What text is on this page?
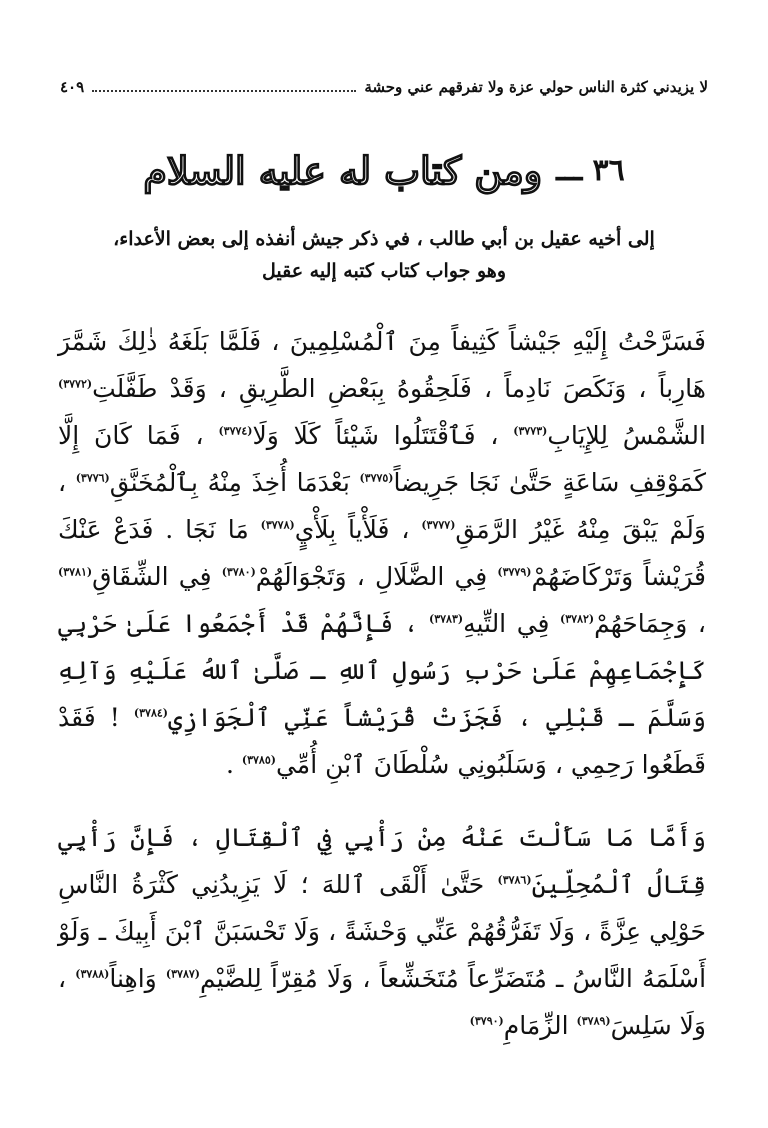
لا يزيدني كثرة الناس حولي عزة ولا تفرقهم عني وحشة
٤٠٩
٣٦
ـــ
ومن كتاب له عليه السلام
إلى أخيه عقيل بن أبي طالب ، في ذكر جيش أنفذه إلى بعض الأعداء،
وهو جواب كتاب كتبه إليه عقيل

فَسَرَّحْتُ إِلَيْهِ جَيْشاً كَثِيفاً مِنَ ٱلْمُسْلِمِينَ ، فَلَمَّا بَلَغَهُ ذٰلِكَ شَمَّرَ هَارِباً ، وَنَكَصَ نَادِماً ، فَلَحِقُوهُ بِبَعْضِ الطَّرِيقِ ، وَقَدْ طَفَّلَتِ$^{(٣٧٧٢)}$ الشَّمْسُ لِلإِيَابِ$^{(٣٧٧٣)}$ ، فَٱقْتَتَلُوا شَيْئاً كَلَا وَلَا$^{(٣٧٧٤)}$ ، فَمَا كَانَ إِلَّا كَمَوْقِفِ سَاعَةٍ حَتَّىٰ نَجَا جَرِيضاً$^{(٣٧٧٥)}$ بَعْدَمَا أُخِذَ مِنْهُ بِٱلْمُخَنَّقِ$^{(٣٧٧٦)}$ ، وَلَمْ يَبْقَ مِنْهُ غَيْرُ الرَّمَقِ$^{(٣٧٧٧)}$ ، فَلَأْياً بِلَأْيٍ$^{(٣٧٧٨)}$ مَا نَجَا . فَدَعْ عَنْكَ قُرَيْشاً وَتَرْكَاضَهُمْ$^{(٣٧٧٩)}$ فِي الضَّلَالِ ، وَتَجْوَالَهُمْ$^{(٣٧٨٠)}$ فِي الشِّقَاقِ$^{(٣٧٨١)}$ ، وَجِمَاحَهُمْ$^{(٣٧٨٢)}$ فِي التِّيهِ$^{(٣٧٨٣)}$ ، فَإِنَّهُمْ قَدْ أَجْمَعُوا عَلَىٰ حَرْبِي كَإِجْمَاعِهِمْ عَلَىٰ حَرْبِ رَسُولِ ٱللهِ ـ صَلَّىٰ ٱللهُ عَلَيْهِ وَآلِهِ وَسَلَّمَ ـ قَبْلِي ، فَجَزَتْ قُرَيْشاً عَنِّي ٱلْجَوَازِي$^{(٣٧٨٤)}$ ! فَقَدْ قَطَعُوا رَحِمِي ، وَسَلَبُونِي سُلْطَانَ ٱبْنِ أُمِّي$^{(٣٧٨٥)}$ .

وَأَمَّا مَا سَأَلْتَ عَنْهُ مِنْ رَأْيِي فِي ٱلْقِتَالِ ، فَإِنَّ رَأْيِي قِتَالُ ٱلْمُحِلِّينَ$^{(٣٧٨٦)}$ حَتَّىٰ أَلْقَى ٱللهَ ؛ لَا يَزِيدُنِي كَثْرَةُ النَّاسِ حَوْلِي عِزَّةً ، وَلَا تَفَرُّقُهُمْ عَنِّي وَحْشَةً ، وَلَا تَحْسَبَنَّ ٱبْنَ أَبِيكَ ـ وَلَوْ أَسْلَمَهُ النَّاسُ ـ مُتَضَرِّعاً مُتَخَشِّعاً ، وَلَا مُقِرّاً لِلضَّيْمِ$^{(٣٧٨٧)}$ وَاهِناً$^{(٣٧٨٨)}$ ، وَلَا سَلِسَ$^{(٣٧٨٩)}$ الزِّمَامِ$^{(٣٧٩٠)}$
